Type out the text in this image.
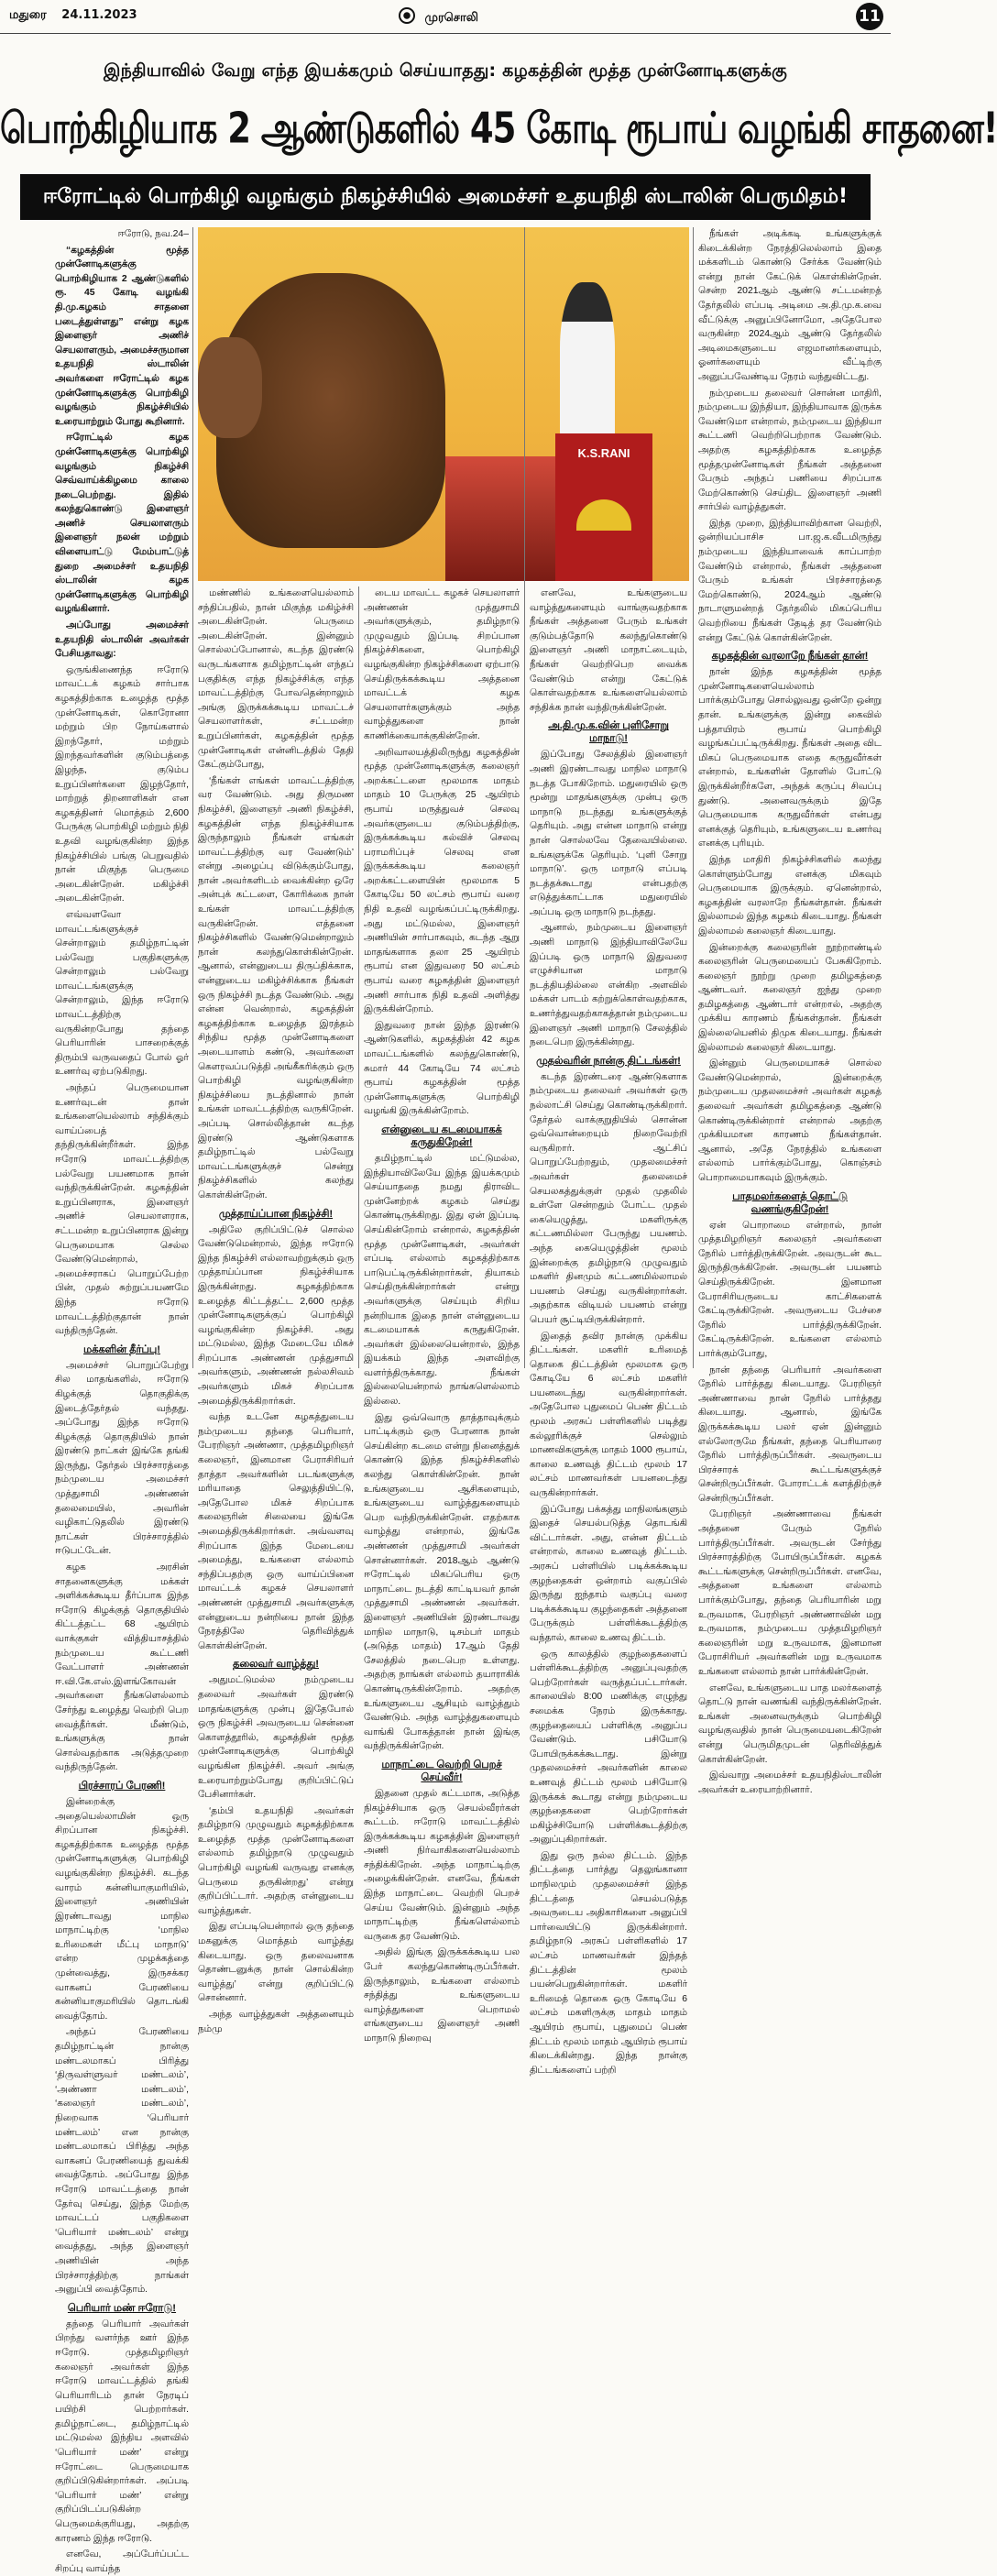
மதுரை 24.11.2023	முரசொலி	11
இந்தியாவில் வேறு எந்த இயக்கமும் செய்யாதது: கழகத்தின் மூத்த முன்னோடிகளுக்கு
பொற்கிழியாக 2 ஆண்டுகளில் 45 கோடி ரூபாய் வழங்கி சாதனை!
ஈரோட்டில் பொற்கிழி வழங்கும் நிகழ்ச்சியில் அமைச்சர் உதயநிதி ஸ்டாலின் பெருமிதம்!

ஈரோடு, நவ.24–

“கழகத்தின் மூத்த முன்னோடிகளுக்கு பொற்கிழியாக 2 ஆண்டுகளில் ரூ. 45 கோடி வழங்கி தி.மு.கழகம் சாதனை படைத்துள்ளது” என்று கழக இளைஞர் அணிச் செயலாளரும், அமைச்சருமான உதயநிதி ஸ்டாலின் அவர்களை ஈரோட்டில் கழக முன்னோடிகளுக்கு பொற்கிழி வழங்கும் நிகழ்ச்சியில் உரையாற்றும் போது கூறினார்.

ஈரோட்டில் கழக முன்னோடிகளுக்கு பொற்கிழி வழங்கும் நிகழ்ச்சி செவ்வாய்க்கிழமை காலை நடைபெற்றது. இதில் கலந்துகொண்டு இளைஞர் அணிச் செயலாளரும் இளைஞர் நலன் மற்றும் விளையாட்டு மேம்பாட்டுத் துறை அமைச்சர் உதயநிதி ஸ்டாலின் கழக முன்னோடிகளுக்கு பொற்கிழி வழங்கினார்.

அப்போது அமைச்சர் உதயநிதி ஸ்டாலின் அவர்கள் பேசியதாவது:

ஒருங்கிணைந்த ஈரோடு மாவட்டக் கழகம் சார்பாக கழகத்திற்காக உழைத்த மூத்த முன்னோடிகள், கொரோனா மற்றும் பிற நோய்களால் இறந்தோர், மற்றும் இறந்தவர்களின் குடும்பத்தை இழந்த, குடும்ப உறுப்பினர்களை இழந்தோர், மாற்றுத் திறனாளிகள் என கழகத்தினர் மொத்தம் 2,600 பேருக்கு பொற்கிழி மற்றும் நிதி உதவி வழங்குகின்ற இந்த நிகழ்ச்சியில் பங்கு பெறுவதில் நான் மிகுந்த பெருமை அடைகின்றேன். மகிழ்ச்சி அடைகின்றேன்.

எவ்வளவோ மாவட்டங்களுக்குச் சென்றாலும் தமிழ்நாட்டின் பல்வேறு பகுதிகளுக்கு சென்றாலும் பல்வேறு மாவட்டங்களுக்கு சென்றாலும், இந்த ஈரோடு மாவட்டத்திற்கு வருகின்றபோது தந்தை பெரியாரின் பாசறைக்குத் திரும்பி வருவதைப் போல் ஓர் உணர்வு ஏற்படுகிறது.

அந்தப் பெருமையான உணர்வுடன் தான் உங்களையெல்லாம் சந்திக்கும் வாய்ப்பைத் தந்திருக்கின்றீர்கள். இந்த ஈரோடு மாவட்டத்திற்கு பல்வேறு பயணமாக நான் வந்திருக்கின்றேன். கழகத்தின் உறுப்பினராக, இளைஞர் அணிச் செயலாளராக, சட்டமன்ற உறுப்பினராக இன்று பெருமையாக செல்ல வேண்டுமென்றால், அமைச்சராகப் பொறுப்பேற்ற பின், முதல் சுற்றுப்பயணமே இந்த ஈரோடு மாவட்டத்திற்குதான் நான் வந்திருந்தேன்.

மக்களின் தீர்ப்பு!

அமைச்சர் பொறுப்பேற்று சில மாதங்களில், ஈரோடு கிழக்குத் தொகுதிக்கு இடைத்தேர்தல் வந்தது. அப்போது இந்த ஈரோடு கிழக்குத் தொகுதியில் நான் இரண்டு நாட்கள் இங்கே தங்கி இருந்து, தேர்தல் பிரச்சாரத்தை நம்முடைய அமைச்சர் முத்துசாமி அண்ணன் தலைமையில், அவரின் வழிகாட்டுதலில் இரண்டு நாட்கள் பிரச்சாரத்தில் ஈடுபட்டேன்.

கழக அரசின் சாதனைகளுக்கு மக்கள் அளிக்கக்கூடிய தீர்ப்பாக இந்த ஈரோடு கிழக்குத் தொகுதியில் கிட்டத்தட்ட 68 ஆயிரம் வாக்குகள் வித்தியாசத்தில் நம்முடைய கூட்டணி வேட்பாளர் அண்ணன் ஈ.வி.கே.எஸ்.இளங்கோவன் அவர்களை நீங்களெல்லாம் சேர்ந்து உழைத்து வெற்றி பெற வைத்தீர்கள். மீண்டும், உங்களுக்கு நான் சொல்வதற்காக அடுத்தமுறை வந்திருந்தேன்.

பிரச்சாரப் பேரணி!

இன்றைக்கு அதையெல்லாமின் ஒரு சிறப்பான நிகழ்ச்சி. கழகத்திற்காக உழைத்த மூத்த முன்னோடிகளுக்கு பொற்கிழி வழங்குகின்ற நிகழ்ச்சி. கடந்த வாரம் கன்னியாகுமரியில், இளைஞர் அணியின் இரண்டாவது மாநில மாநாட்டிற்கு ‘மாநில உரிமைகள் மீட்பு மாநாடு’ என்ற முழக்கத்தை முன்வைத்து, இருசக்கர வாகனப் பேரணியை கன்னியாகுமரியில் தொடங்கி வைத்தோம்.

அந்தப் பேரணியை தமிழ்நாட்டின் நான்கு மண்டலமாகப் பிரித்து ‘திருவள்ளுவர் மண்டலம்’, ‘அண்ணா மண்டலம்’, ‘கலைஞர் மண்டலம்’, நிறைவாக ‘பெரியார் மண்டலம்’ என நான்கு மண்டலமாகப் பிரித்து அந்த வாகனப் பேரணியைத் துவக்கி வைத்தோம். அப்போது இந்த ஈரோடு மாவட்டத்தை நான் தேர்வு செய்து, இந்த மேற்கு மாவட்டப் பகுதிகளை ‘பெரியார் மண்டலம்’ என்று வைத்தது, அந்த இளைஞர் அணியின் அந்த பிரச்சாரத்திற்கு நாங்கள் அனுப்பி வைத்தோம்.

பெரியார் மண் ஈரோடு!

தந்தை பெரியார் அவர்கள் பிறந்து வளர்ந்த ஊர் இந்த ஈரோடு. முத்தமிழறிஞர் கலைஞர் அவர்கள் இந்த ஈரோடு மாவட்டத்தில் தங்கி பெரியாரிடம் தான் நேரடிப் பயிற்சி பெற்றார்கள். தமிழ்நாட்டை, தமிழ்நாட்டில் மட்டுமல்ல இந்திய அளவில் ‘பெரியார் மண்’ என்று ஈரோட்டை பெருமையாக குறிப்பிடுகின்றார்கள். அப்படி ‘பெரியார் மண்’ என்று குறிப்பிடப்படுகின்ற பெருமைக்குரியது, அதற்கு காரணம் இந்த ஈரோடு.

எனவே, அப்பேர்ப்பட்ட சிறப்பு வாய்ந்த

K.S.RANI

மண்ணில் உங்களையெல்லாம் சந்திப்பதில், நான் மிகுந்த மகிழ்ச்சி அடைகின்றேன். பெருமை அடைகின்றேன். இன்னும் சொல்லப்போனால், கடந்த இரண்டு வருடங்களாக தமிழ்நாட்டின் எந்தப் பகுதிக்கு எந்த நிகழ்ச்சிக்கு எந்த மாவட்டத்திற்கு போவதென்றாலும் அங்கு இருக்கக்கூடிய மாவட்டச் செயலாளர்கள், சட்டமன்ற உறுப்பினர்கள், கழகத்தின் மூத்த முன்னோடிகள் என்னிடத்தில் தேதி கேட்கும்போது,

‘நீங்கள் எங்கள் மாவட்டத்திற்கு வர வேண்டும். அது திருமண நிகழ்ச்சி, இளைஞர் அணி நிகழ்ச்சி, கழகத்தின் எந்த நிகழ்ச்சியாக இருந்தாலும் நீங்கள் எங்கள் மாவட்டத்திற்கு வர வேண்டும்’ என்று அழைப்பு விடுக்கும்போது, நான் அவர்களிடம் வைக்கின்ற ஒரே அன்புக் கட்டளை, கோரிக்கை நான் உங்கள் மாவட்டத்திற்கு வருகின்றேன். எத்தனை நிகழ்ச்சிகளில் வேண்டுமென்றாலும் நான் கலந்துகொள்கின்றேன். ஆனால், என்னுடைய திருப்திக்காக, என்னுடைய மகிழ்ச்சிக்காக நீங்கள் ஒரு நிகழ்ச்சி நடத்த வேண்டும். அது என்ன வென்றால், கழகத்தின் கழகத்திற்காக உழைத்த இரத்தம் சிந்திய மூத்த முன்னோடிகளை அடையாளம் கண்டு, அவர்களை கௌரவப்படுத்தி அங்கீகரிக்கும் ஒரு பொற்கிழி வழங்குகின்ற நிகழ்ச்சியை நடத்தினால் நான் உங்கள் மாவட்டத்திற்கு வருகிறேன். அப்படி சொல்லித்தான் கடந்த இரண்டு ஆண்டுகளாக தமிழ்நாட்டில் பல்வேறு மாவட்டங்களுக்குச் சென்று நிகழ்ச்சிகளில் கலந்து கொள்கின்றேன்.

முத்தாய்ப்பான நிகழ்ச்சி!

அதிலே குறிப்பிட்டுச் சொல்ல வேண்டுமென்றால், இந்த ஈரோடு இந்த நிகழ்ச்சி எல்லாவற்றுக்கும் ஒரு முத்தாய்ப்பான நிகழ்ச்சியாக இருக்கின்றது. கழகத்திற்காக உழைத்த கிட்டத்தட்ட 2,600 மூத்த முன்னோடிகளுக்குப் பொற்கிழி வழங்குகின்ற நிகழ்ச்சி. அது மட்டுமல்ல, இந்த மேடையே மிகச் சிறப்பாக அண்ணன் முத்துசாமி அவர்களும், அண்ணன் நல்லசிவம் அவர்களும் மிகச் சிறப்பாக அமைத்திருக்கிறார்கள்.

வந்த உடனே கழகத்துடைய நம்முடைய தந்தை பெரியார், பேரறிஞர் அண்ணா, முத்தமிழறிஞர் கலைஞர், இனமான பேராசிரியர் தாத்தா அவர்களின் படங்களுக்கு மரியாதை செலுத்தியிட்டு, அதேபோல மிகச் சிறப்பாக கலைஞரின் சிலையை இங்கே அமைத்திருக்கிறார்கள். அவ்வளவு சிறப்பாக இந்த மேடையை அமைத்து, உங்களை எல்லாம் சந்திப்பதற்கு ஒரு வாய்ப்பினை மாவட்டக் கழகச் செயலாளர் அண்ணன் முத்துசாமி அவர்களுக்கு என்னுடைய நன்றியை நான் இந்த நேரத்திலே தெரிவித்துக் கொள்கின்றேன்.

தலைவர் வாழ்த்து!

அதுமட்டுமல்ல நம்முடைய தலைவர் அவர்கள் இரண்டு மாதங்களுக்கு முன்பு இதேபோல் ஒரு நிகழ்ச்சி அவருடைய சென்னை கொளத்தூரில், கழகத்தின் மூத்த முன்னோடிகளுக்கு பொற்கிழி வழங்கின நிகழ்ச்சி. அவர் அங்கு உரையாற்றும்போது குறிப்பிட்டுப் பேசினார்கள்.

‘தம்பி உதயநிதி அவர்கள் தமிழ்நாடு முழுவதும் கழகத்திற்காக உழைத்த மூத்த முன்னோடிகளை எல்லாம் தமிழ்நாடு முழுவதும் பொற்கிழி வழங்கி வருவது எனக்கு பெருமை தருகின்றது’ என்று குறிப்பிட்டார். அதற்கு என்னுடைய வாழ்த்துகள்.

இது எப்படியென்றால் ஒரு தந்தை மகனுக்கு மொத்தம் வாழ்த்து கிடையாது. ஒரு தலைவனாக தொண்டனுக்கு நான் சொல்கின்ற வாழ்த்து’ என்று குறிப்பிட்டு சொன்னார்.

அந்த வாழ்த்துகள் அத்தனையும் நம்மு

டைய மாவட்ட கழகச் செயலாளர் அண்ணன் முத்துசாமி அவர்களுக்கும், தமிழ்நாடு முழுவதும் இப்படி சிறப்பான நிகழ்ச்சிகளை, பொற்கிழி வழங்குகின்ற நிகழ்ச்சிகளை ஏற்பாடு செய்திருக்கக்கூடிய அத்தனை மாவட்டக் கழக செயலாளர்களுக்கும் அந்த வாழ்த்துகளை நான் காணிக்கையாக்குகின்றேன்.

அறிவாலயத்திலிருந்து கழகத்தின் மூத்த முன்னோடிகளுக்கு கலைஞர் அறக்கட்டளை மூலமாக மாதம் மாதம் 10 பேருக்கு 25 ஆயிரம் ரூபாய் மருத்துவச் செலவு அவர்களுடைய குடும்பத்திற்கு, இருக்கக்கூடிய கல்விச் செலவு பராமரிப்புச் செலவு என இருக்கக்கூடிய கலைஞர் அறக்கட்டளையின் மூலமாக 5 கோடியே 50 லட்சம் ரூபாய் வரை நிதி உதவி வழங்கப்பட்டிருக்கிறது. அது மட்டுமல்ல, இளைஞர் அணியின் சார்பாகவும், கடந்த ஆறு மாதங்களாக தலா 25 ஆயிரம் ரூபாய் என இதுவரை 50 லட்சம் ரூபாய் வரை கழகத்தின் இளைஞர் அணி சார்பாக நிதி உதவி அளித்து இருக்கின்றோம்.

இதுவரை நான் இந்த இரண்டு ஆண்டுகளில், கழகத்தின் 42 கழக மாவட்டங்களில் கலந்துகொண்டு, சுமார் 44 கோடியே 74 லட்சம் ரூபாய் கழகத்தின் மூத்த முன்னோடிகளுக்கு பொற்கிழி வழங்கி இருக்கின்றோம்.

என்னுடைய கடமையாகக் கருதுகிறேன்!

தமிழ்நாட்டில் மட்டுமல்ல, இந்தியாவிலேயே இந்த இயக்கமும் செய்யாததை நமது திராவிட முன்னேற்றக் கழகம் செய்து கொண்டிருக்கிறது. இது ஏன் இப்படி செய்கின்றோம் என்றால், கழகத்தின் மூத்த முன்னோடிகள், அவர்கள் எப்படி எல்லாம் கழகத்திற்காக பாடுபட்டிருக்கின்றார்கள், தியாகம் செய்திருக்கின்றார்கள் என்று அவர்களுக்கு செய்யும் சிறிய நன்றியாக இதை நான் என்னுடைய கடமையாகக் கருதுகிறேன். அவர்கள் இல்லையென்றால், இந்த இயக்கம் இந்த அளவிற்கு வளர்ந்திருக்காது. நீங்கள் இல்லையென்றால் நாங்களெல்லாம் இல்லை.

இது ஒவ்வொரு தாத்தாவுக்கும் பாட்டிக்கும் ஒரு பேரனாக நான் செய்கின்ற கடமை என்று நினைத்துக் கொண்டு இந்த நிகழ்ச்சிகளில் கலந்து கொள்கின்றேன். நான் உங்களுடைய ஆசிகளையும், உங்களுடைய வாழ்த்துகளையும் பெற வந்திருக்கின்றேன். எதற்காக வாழ்த்து என்றால், இங்கே அண்ணன் முத்துசாமி அவர்கள் சொன்னார்கள். 2018ஆம் ஆண்டு ஈரோட்டில் மிகப்பெரிய ஒரு மாநாட்டை நடத்தி காட்டியவர் தான் முத்துசாமி அண்ணன் அவர்கள். இளைஞர் அணியின் இரண்டாவது மாநில மாநாடு, டிசம்பர் மாதம் (அடுத்த மாதம்) 17ஆம் தேதி சேலத்தில் நடைபெற உள்ளது. அதற்கு நாங்கள் எல்லாம் தயாராகிக் கொண்டிருக்கின்றோம். அதற்கு உங்களுடைய ஆசியும் வாழ்த்தும் வேண்டும். அந்த வாழ்த்துகளையும் வாங்கி போகத்தான் நான் இங்கு வந்திருக்கின்றேன்.

மாநாட்டை வெற்றி பெறச் செய்வீர்!

இதனை முதல் கட்டமாக, அடுத்த நிகழ்ச்சியாக ஒரு செயல்வீரர்கள் கூட்டம். ஈரோடு மாவட்டத்தில் இருக்கக்கூடிய கழகத்தின் இளைஞர் அணி நிர்வாகிகளையெல்லாம் சந்திக்கிறேன். அந்த மாநாட்டிற்கு அழைக்கின்றேன். எனவே, நீங்கள் இந்த மாநாட்டை வெற்றி பெறச் செய்ய வேண்டும். இன்னும் அந்த மாநாட்டிற்கு நீங்களெல்லாம் வருகை தர வேண்டும்.

அதில் இங்கு இருக்கக்கூடிய பல பேர் கலந்துகொண்டிருப்பீர்கள். இருந்தாலும், உங்களை எல்லாம் சந்தித்து உங்களுடைய வாழ்த்துகளை பெறாமல் எங்களுடைய இளைஞர் அணி மாநாடு நிறைவு

எனவே, உங்களுடைய வாழ்த்துகளையும் வாங்குவதற்காக நீங்கள் அத்தனை பேரும் உங்கள் குடும்பத்தோடு கலந்துகொண்டு இளைஞர் அணி மாநாட்டையும், நீங்கள் வெற்றிபெற வைக்க வேண்டும் என்று கேட்டுக் கொள்வதற்காக உங்களையெல்லாம் சந்திக்க நான் வந்திருக்கின்றேன்.

அ.தி.மு.க.வின் புளிசோறு மாநாடு!

இப்போது சேலத்தில் இளைஞர் அணி இரண்டாவது மாநில மாநாடு நடத்த போகிறோம். மதுரையில் ஒரு மூன்று மாதங்களுக்கு முன்பு ஒரு மாநாடு நடந்தது உங்களுக்குத் தெரியும். அது என்ன மாநாடு என்று நான் சொல்லவே தேவையில்லை. உங்களுக்கே தெரியும். ‘புளி சோறு மாநாடு’. ஒரு மாநாடு எப்படி நடத்தக்கூடாது என்பதற்கு எடுத்துக்காட்டாக மதுரையில் அப்படி ஒரு மாநாடு நடந்தது.

ஆனால், நம்முடைய இளைஞர் அணி மாநாடு இந்தியாவிலேயே இப்படி ஒரு மாநாடு இதுவரை எழுச்சியான மாநாடு நடத்தியதில்லை என்கிற அளவில் மக்கள் பாடம் கற்றுக்கொள்வதற்காக, உணர்த்துவதற்காகத்தான் நம்முடைய இளைஞர் அணி மாநாடு சேலத்தில் நடைபெற இருக்கின்றது.

முதல்வரின் நான்கு திட்டங்கள்!

கடந்த இரண்டரை ஆண்டுகளாக நம்முடைய தலைவர் அவர்கள் ஒரு நல்லாட்சி செய்து கொண்டிருக்கிறார். தேர்தல் வாக்குறுதியில் சொன்ன ஒவ்வொன்றையும் நிறைவேற்றி வருகிறார். ஆட்சிப் பொறுப்பேற்றதும், முதலமைச்சர் அவர்கள் தலைமைச் செயலகத்துக்குள் முதல் முதலில் உள்ளே சென்றதும் போட்ட முதல் கையெழுத்து, மகளிருக்கு கட்டணமில்லா பேருந்து பயணம். அந்த கையெழுத்தின் மூலம் இன்றைக்கு தமிழ்நாடு முழுவதும் மகளிர் தினமும் கட்டணமில்லாமல் பயணம் செய்து வருகின்றார்கள். அதற்காக விடியல் பயணம் என்று பெயர் சூட்டியிருக்கின்றார்.

இதைத் தவிர நான்கு முக்கிய திட்டங்கள். மகளிர் உரிமைத் தொகை திட்டத்தின் மூலமாக ஒரு கோடியே 6 லட்சம் மகளிர் பயனடைந்து வருகின்றார்கள். அதேபோல புதுமைப் பெண் திட்டம் மூலம் அரசுப் பள்ளிகளில் படித்து கல்லூரிக்குச் செல்லும் மாணவிகளுக்கு மாதம் 1000 ரூபாய், காலை உணவுத் திட்டம் மூலம் 17 லட்சம் மாணவர்கள் பயனடைந்து வருகின்றார்கள்.

இப்போது பக்கத்து மாநிலங்களும் இதைச் செயல்படுத்த தொடங்கி விட்டார்கள். அது, என்ன திட்டம் என்றால், காலை உணவுத் திட்டம். அரசுப் பள்ளியில் படிக்கக்கூடிய குழந்தைகள் ஒன்றாம் வகுப்பில் இருந்து ஐந்தாம் வகுப்பு வரை படிக்கக்கூடிய குழந்தைகள் அத்தனை பேருக்கும் பள்ளிக்கூடத்திற்கு வந்தால், காலை உணவு திட்டம்.

ஒரு காலத்தில் குழந்தைகளைப் பள்ளிக்கூடத்திற்கு அனுப்புவதற்கு பெற்றோர்கள் வருத்தப்பட்டார்கள். காலையில் 8:00 மணிக்கு எழுந்து சமைக்க நேரம் இருக்காது. குழந்தையைப் பள்ளிக்கு அனுப்ப வேண்டும். பசியோடு போயிருக்கக்கூடாது. இன்று முதலமைச்சர் அவர்களின் காலை உணவுத் திட்டம் மூலம் பசியோடு இருக்கக் கூடாது என்று நம்முடைய குழந்தைகளை பெற்றோர்கள் மகிழ்ச்சியோடு பள்ளிக்கூடத்திற்கு அனுப்புகிறார்கள்.

இது ஒரு நல்ல திட்டம். இந்த திட்டத்தை பார்த்து தெலுங்கானா மாநிலமும் முதலமைச்சர் இந்த திட்டத்தை செயல்படுத்த அவருடைய அதிகாரிகளை அனுப்பி பார்வையிட்டு இருக்கின்றார். தமிழ்நாடு அரசுப் பள்ளிகளில் 17 லட்சம் மாணவர்கள் இந்தத் திட்டத்தின் மூலம் பயன்பெறுகின்றார்கள். மகளிர் உரிமைத் தொகை ஒரு கோடியே 6 லட்சம் மகளிருக்கு மாதம் மாதம் ஆயிரம் ரூபாய், புதுமைப் பெண் திட்டம் மூலம் மாதம் ஆயிரம் ரூபாய் கிடைக்கின்றது. இந்த நான்கு திட்டங்களைப் பற்றி

நீங்கள் அடிக்கடி உங்களுக்குக் கிடைக்கின்ற நேரத்திலெல்லாம் இதை மக்களிடம் கொண்டு சேர்க்க வேண்டும் என்று நான் கேட்டுக் கொள்கின்றேன். சென்ற 2021ஆம் ஆண்டு சட்டமன்றத் தேர்தலில் எப்படி அடிமை அ.தி.மு.க.வை வீட்டுக்கு அனுப்பினோமோ, அதேபோல வருகின்ற 2024ஆம் ஆண்டு தேர்தலில் அடிமைகளுடைய எஜமானர்களையும், ஓனர்களையும் வீட்டிற்கு அனுப்பவேண்டிய நேரம் வந்துவிட்டது.

நம்முடைய தலைவர் சொன்ன மாதிரி, நம்முடைய இந்தியா, இந்தியாவாக இருக்க வேண்டுமா என்றால், நம்முடைய இந்தியா கூட்டணி வெற்றிபெற்றாக வேண்டும். அதற்கு கழகத்திற்காக உழைத்த மூத்தமுன்னோடிகள் நீங்கள் அத்தனை பேரும் அந்தப் பணியை சிறப்பாக மேற்கொண்டு செய்திட இளைஞர் அணி சார்பில் வாழ்த்துகள்.

இந்த முறை, இந்தியாவிற்கான வெற்றி, ஒன்றியப்பாசிச பா.ஜ.க.வீடமிருந்து நம்முடைய இந்தியாவைக் காப்பாற்ற வேண்டும் என்றால், நீங்கள் அத்தனை பேரும் உங்கள் பிரச்சாரத்தை மேற்கொண்டு, 2024ஆம் ஆண்டு நாடாளுமன்றத் தேர்தலில் மிகப்பெரிய வெற்றியை நீங்கள் தேடித் தர வேண்டும் என்று கேட்டுக் கொள்கின்றேன்.

கழகத்தின் வரலாறே நீங்கள் தான்!

நான் இந்த கழகத்தின் மூத்த முன்னோடிகளையெல்லாம் பார்க்கும்போது சொல்லுவது ஒன்றே ஒன்று தான். உங்களுக்கு இன்று கைவில் பத்தாயிரம் ரூபாய் பொற்கிழி வழங்கப்பட்டிருக்கிறது. நீங்கள் அதை விட மிகப் பெருமையாக எதை கருதுவீர்கள் என்றால், உங்களின் தோளில் போட்டு இருக்கின்றீர்களே, அந்தக் கருப்பு சிவப்பு துண்டு. அனைவருக்கும் இதே பெருமையாக கருதுவீர்கள் என்பது எனக்குத் தெரியும், உங்களுடைய உணர்வு எனக்கு புரியும்.

இந்த மாதிரி நிகழ்ச்சிகளில் கலந்து கொள்ளும்போது எனக்கு மிகவும் பெருமையாக இருக்கும். ஏனென்றால், கழகத்தின் வரலாறே நீங்கள்தான். நீங்கள் இல்லாமல் இந்த கழகம் கிடையாது. நீங்கள் இல்லாமல் கலைஞர் கிடையாது.

இன்றைக்கு கலைஞரின் நூற்றாண்டில் கலைஞரின் பெருமையைப் பேசுகிறோம். கலைஞர் நூற்று முறை தமிழகத்தை ஆண்டவர். கலைஞர் ஐந்து முறை தமிழகத்தை ஆண்டார் என்றால், அதற்கு முக்கிய காரணம் நீங்கள்தான். நீங்கள் இல்லையெனில் திமுக கிடையாது. நீங்கள் இல்லாமல் கலைஞர் கிடையாது.

இன்னும் பெருமையாகச் சொல்ல வேண்டுமென்றால், இன்றைக்கு நம்முடைய முதலமைச்சர் அவர்கள் கழகத் தலைவர் அவர்கள் தமிழகத்தை ஆண்டு கொண்டிருக்கின்றார் என்றால் அதற்கு முக்கியமான காரணம் நீங்கள்தான். ஆனால், அதே நேரத்தில் உங்களை எல்லாம் பார்க்கும்போது, கொஞ்சம் பொறாமையாகவும் இருக்கும்.

பாதமலர்களைத் தொட்டு வணங்குகிறேன்!

ஏன் பொறாமை என்றால், நான் முத்தமிழறிஞர் கலைஞர் அவர்களை நேரில் பார்த்திருக்கிறேன். அவருடன் கூட இருந்திருக்கிறேன். அவருடன் பயணம் செய்திருக்கிறேன். இனமான பேராசிரியருடைய காட்சிகளைக் கேட்டிருக்கிறேன். அவருடைய பேச்சை நேரில் பார்த்திருக்கிறேன். கேட்டிருக்கிறேன். உங்களை எல்லாம் பார்க்கும்போது,

நான் தந்தை பெரியார் அவர்களை நேரில் பார்த்தது கிடையாது. பேரறிஞர் அண்ணாவை நான் நேரில் பார்த்தது கிடையாது. ஆனால், இங்கே இருக்கக்கூடிய பலர் ஏன் இன்னும் எல்லோருமே நீங்கள், தந்தை பெரியாரை நேரில் பார்த்திருப்பீர்கள். அவருடைய பிரச்சாரக் கூட்டங்களுக்குச் சென்றிருப்பீர்கள். போராட்டக் களத்திற்குச் சென்றிருப்பீர்கள்.

பேரறிஞர் அண்ணாவை நீங்கள் அத்தனை பேரும் நேரில் பார்த்திருப்பீர்கள். அவருடன் சேர்ந்து பிரச்சாரத்திற்கு போயிருப்பீர்கள். கழகக் கூட்டங்களுக்கு சென்றிருப்பீர்கள். எனவே, அத்தனை உங்களை எல்லாம் பார்க்கும்போது, தந்தை பெரியாரின் மறு உருவமாக, பேரறிஞர் அண்ணாவின் மறு உருவமாக, நம்முடைய முத்தமிழறிஞர் கலைஞரின் மறு உருவமாக, இனமான பேராசிரியர் அவர்களின் மறு உருவமாக உங்களை எல்லாம் நான் பார்க்கின்றேன்.

எனவே, உங்களுடைய பாத மலர்களைத் தொட்டு நான் வணங்கி வந்திருக்கின்றேன். உங்கள் அனைவருக்கும் பொற்கிழி வழங்குவதில் நான் பெருமையடைகிறேன் என்று பெருமிதமுடன் தெரிவித்துக் கொள்கின்றேன்.

இவ்வாறு அமைச்சர் உதயநிதிஸ்டாலின் அவர்கள் உரையாற்றினார்.
